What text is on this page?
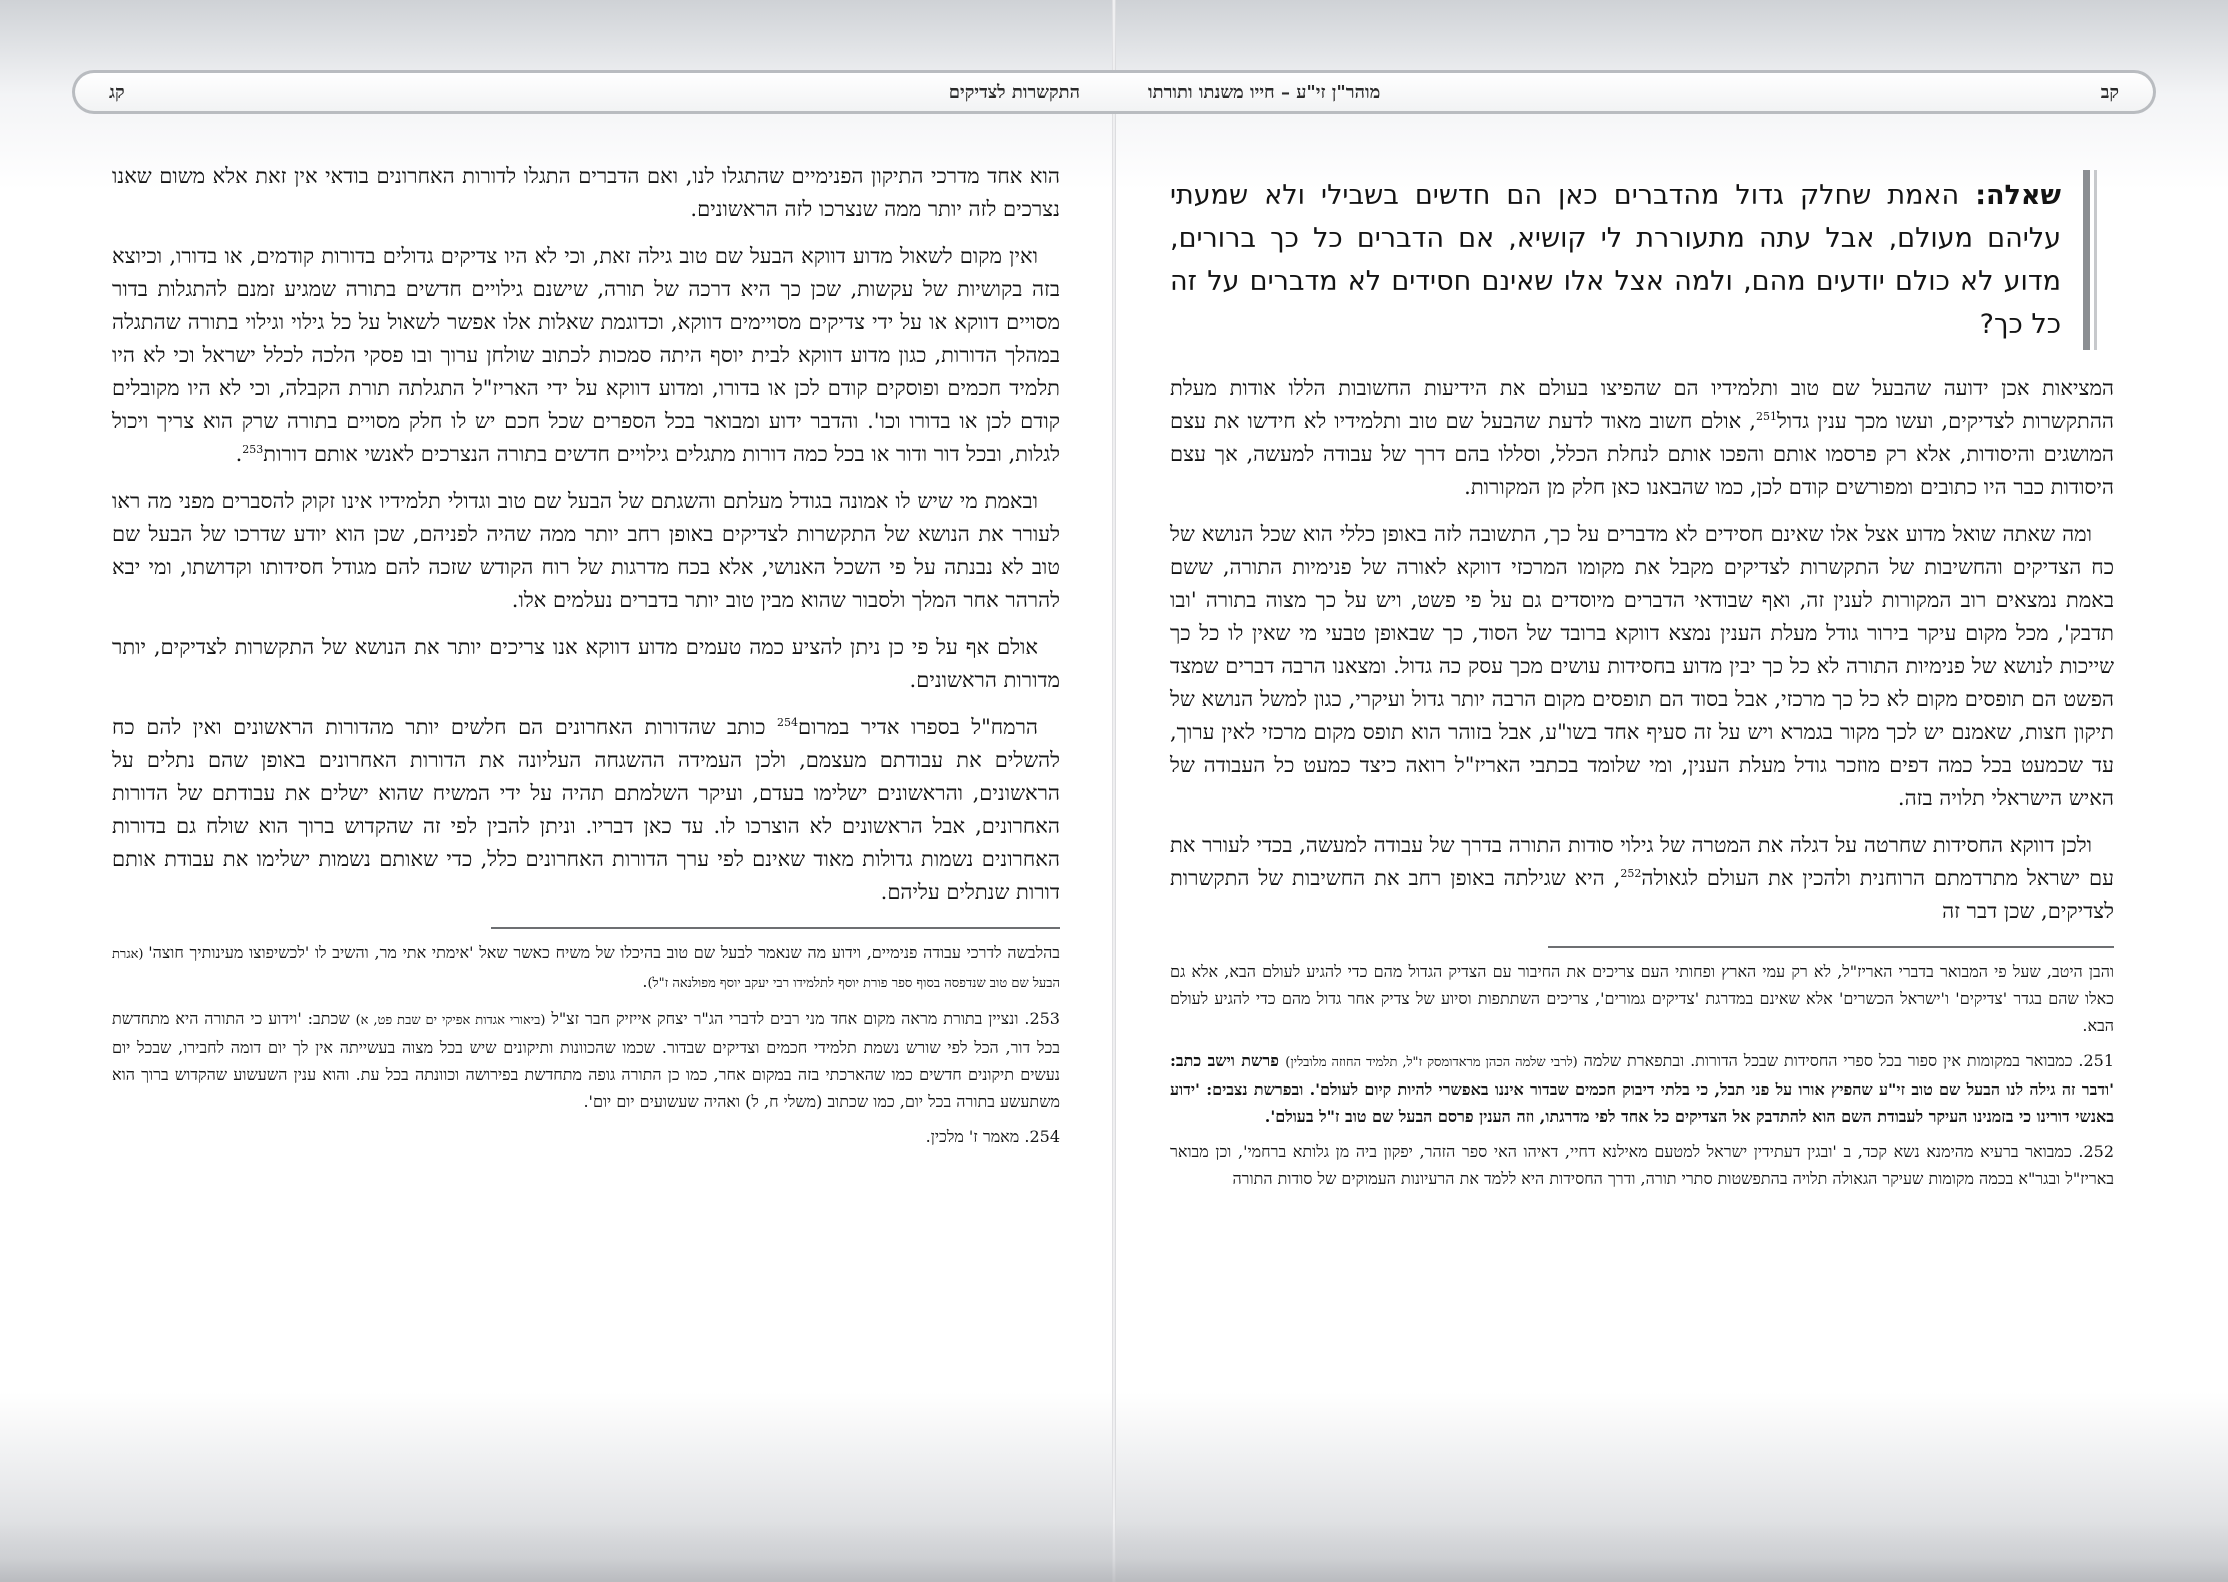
התקשרות לצדיקים
קג	קב
מוהר"ן זי"ע – חייו משנתו ותורתו

הוא אחד מדרכי התיקון הפנימיים שהתגלו לנו, ואם הדברים התגלו לדורות האחרונים בודאי אין זאת אלא משום שאנו נצרכים לזה יותר ממה שנצרכו לזה הראשונים.

ואין מקום לשאול מדוע דווקא הבעל שם טוב גילה זאת, וכי לא היו צדיקים גדולים בדורות קודמים, או בדורו, וכיוצא בזה בקושיות של עקשות, שכן כך היא דרכה של תורה, שישנם גילויים חדשים בתורה שמגיע זמנם להתגלות בדור מסויים דווקא או על ידי צדיקים מסויימים דווקא, וכדוגמת שאלות אלו אפשר לשאול על כל גילוי וגילוי בתורה שהתגלה במהלך הדורות, כגון מדוע דווקא לבית יוסף היתה סמכות לכתוב שולחן ערוך ובו פסקי הלכה לכלל ישראל וכי לא היו תלמיד חכמים ופוסקים קודם לכן או בדורו, ומדוע דווקא על ידי האריז"ל התגלתה תורת הקבלה, וכי לא היו מקובלים קודם לכן או בדורו וכו'. והדבר ידוע ומבואר בכל הספרים שכל חכם יש לו חלק מסויים בתורה שרק הוא צריך ויכול לגלות, ובכל דור ודור או בכל כמה דורות מתגלים גילויים חדשים בתורה הנצרכים לאנשי אותם דורות$^{253}$.

ובאמת מי שיש לו אמונה בגודל מעלתם והשגתם של הבעל שם טוב וגדולי תלמידיו אינו זקוק להסברים מפני מה ראו לעורר את הנושא של התקשרות לצדיקים באופן רחב יותר ממה שהיה לפניהם, שכן הוא יודע שדרכו של הבעל שם טוב לא נבנתה על פי השכל האנושי, אלא בכח מדרגות של רוח הקודש שזכה להם מגודל חסידותו וקדושתו, ומי יבא להרהר אחר המלך ולסבור שהוא מבין טוב יותר בדברים נעלמים אלו.

אולם אף על פי כן ניתן להציע כמה טעמים מדוע דווקא אנו צריכים יותר את הנושא של התקשרות לצדיקים, יותר מדורות הראשונים.

הרמח"ל בספרו אדיר במרום$^{254}$ כותב שהדורות האחרונים הם חלשים יותר מהדורות הראשונים ואין להם כח להשלים את עבודתם מעצמם, ולכן העמידה ההשגחה העליונה את הדורות האחרונים באופן שהם נתלים על הראשונים, והראשונים ישלימו בעדם, ועיקר השלמתם תהיה על ידי המשיח שהוא ישלים את עבודתם של הדורות האחרונים, אבל הראשונים לא הוצרכו לו. עד כאן דבריו. וניתן להבין לפי זה שהקדוש ברוך הוא שולח גם בדורות האחרונים נשמות גדולות מאוד שאינם לפי ערך הדורות האחרונים כלל, כדי שאותם נשמות ישלימו את עבודת אותם דורות שנתלים עליהם.

בהלבשה לדרכי עבודה פנימיים, וידוע מה שנאמר לבעל שם טוב בהיכלו של משיח כאשר שאל 'אימתי אתי מר, והשיב לו 'לכשיפוצו מעינותיך חוצה' (אגרת הבעל שם טוב שנדפסה בסוף ספר פורת יוסף לתלמידו רבי יעקב יוסף מפולנאה ז"ל).

253. ונציין בתורת מראה מקום אחד מני רבים לדברי הג"ר יצחק אייזיק חבר זצ"ל (ביאורי אגדות אפיקי ים שבת פט, א) שכתב: 'וידוע כי התורה היא מתחדשת בכל דור, הכל לפי שורש נשמת תלמידי חכמים וצדיקים שבדור. שכמו שהכוונות ותיקונים שיש בכל מצוה בעשייתה אין לך יום דומה לחבירו, שבכל יום נעשים תיקונים חדשים כמו שהארכתי בזה במקום אחר, כמו כן התורה גופה מתחדשת בפירושה וכוונתה בכל עת. והוא ענין השעשוע שהקדוש ברוך הוא משתעשע בתורה בכל יום, כמו שכתוב (משלי ח, ל) ואהיה שעשועים יום יום'.

254. מאמר ז' מלכין.

שאלה: האמת שחלק גדול מהדברים כאן הם חדשים בשבילי ולא שמעתי עליהם מעולם, אבל עתה מתעוררת לי קושיא, אם הדברים כל כך ברורים, מדוע לא כולם יודעים מהם, ולמה אצל אלו שאינם חסידים לא מדברים על זה כל כך?

המציאות אכן ידועה שהבעל שם טוב ותלמידיו הם שהפיצו בעולם את הידיעות החשובות הללו אודות מעלת ההתקשרות לצדיקים, ועשו מכך ענין גדול$^{251}$, אולם חשוב מאוד לדעת שהבעל שם טוב ותלמידיו לא חידשו את עצם המושגים והיסודות, אלא רק פרסמו אותם והפכו אותם לנחלת הכלל, וסללו בהם דרך של עבודה למעשה, אך עצם היסודות כבר היו כתובים ומפורשים קודם לכן, כמו שהבאנו כאן חלק מן המקורות.

ומה שאתה שואל מדוע אצל אלו שאינם חסידים לא מדברים על כך, התשובה לזה באופן כללי הוא שכל הנושא של כח הצדיקים והחשיבות של התקשרות לצדיקים מקבל את מקומו המרכזי דווקא לאורה של פנימיות התורה, ששם באמת נמצאים רוב המקורות לענין זה, ואף שבודאי הדברים מיוסדים גם על פי פשט, ויש על כך מצוה בתורה 'ובו תדבק', מכל מקום עיקר בירור גודל מעלת הענין נמצא דווקא ברובד של הסוד, כך שבאופן טבעי מי שאין לו כל כך שייכות לנושא של פנימיות התורה לא כל כך יבין מדוע בחסידות עושים מכך עסק כה גדול. ומצאנו הרבה דברים שמצד הפשט הם תופסים מקום לא כל כך מרכזי, אבל בסוד הם תופסים מקום הרבה יותר גדול ועיקרי, כגון למשל הנושא של תיקון חצות, שאמנם יש לכך מקור בגמרא ויש על זה סעיף אחד בשו"ע, אבל בזוהר הוא תופס מקום מרכזי לאין ערוך, עד שכמעט בכל כמה דפים מוזכר גודל מעלת הענין, ומי שלומד בכתבי האריז"ל רואה כיצד כמעט כל העבודה של האיש הישראלי תלויה בזה.

ולכן דווקא החסידות שחרטה על דגלה את המטרה של גילוי סודות התורה בדרך של עבודה למעשה, בכדי לעורר את עם ישראל מתרדמתם הרוחנית ולהכין את העולם לגאולה$^{252}$, היא שגילתה באופן רחב את החשיבות של התקשרות לצדיקים, שכן דבר זה

והבן היטב, שעל פי המבואר בדברי האריז"ל, לא רק עמי הארץ ופחותי העם צריכים את החיבור עם הצדיק הגדול מהם כדי להגיע לעולם הבא, אלא גם כאלו שהם בגדר 'צדיקים' ו'ישראל הכשרים' אלא שאינם במדרגת 'צדיקים גמורים', צריכים השתתפות וסיוע של צדיק אחר גדול מהם כדי להגיע לעולם הבא.

251. כמבואר במקומות אין ספור בכל ספרי החסידות שבכל הדורות. ובתפארת שלמה (לרבי שלמה הכהן מראדומסק ז"ל, תלמיד החוזה מלובלין) פרשת וישב כתב: 'ודבר זה גילה לנו הבעל שם טוב זי"ע שהפיץ אורו על פני תבל, כי בלתי דיבוק חכמים שבדור איננו באפשרי להיות קיום לעולם'. ובפרשת נצבים: 'ידוע באנשי דורינו כי בזמנינו העיקר לעבודת השם הוא להתדבק אל הצדיקים כל אחד לפי מדרגתו, וזה הענין פרסם הבעל שם טוב ז"ל בעולם'.

252. כמבואר ברעיא מהימנא נשא קכד, ב 'ובגין דעתידין ישראל למטעם מאילנא דחיי, דאיהו האי ספר הזהר, יפקון ביה מן גלותא ברחמי', וכן מבואר באריז"ל ובגר"א בכמה מקומות שעיקר הגאולה תלויה בהתפשטות סתרי תורה, ודרך החסידות היא ללמד את הרעיונות העמוקים של סודות התורה
